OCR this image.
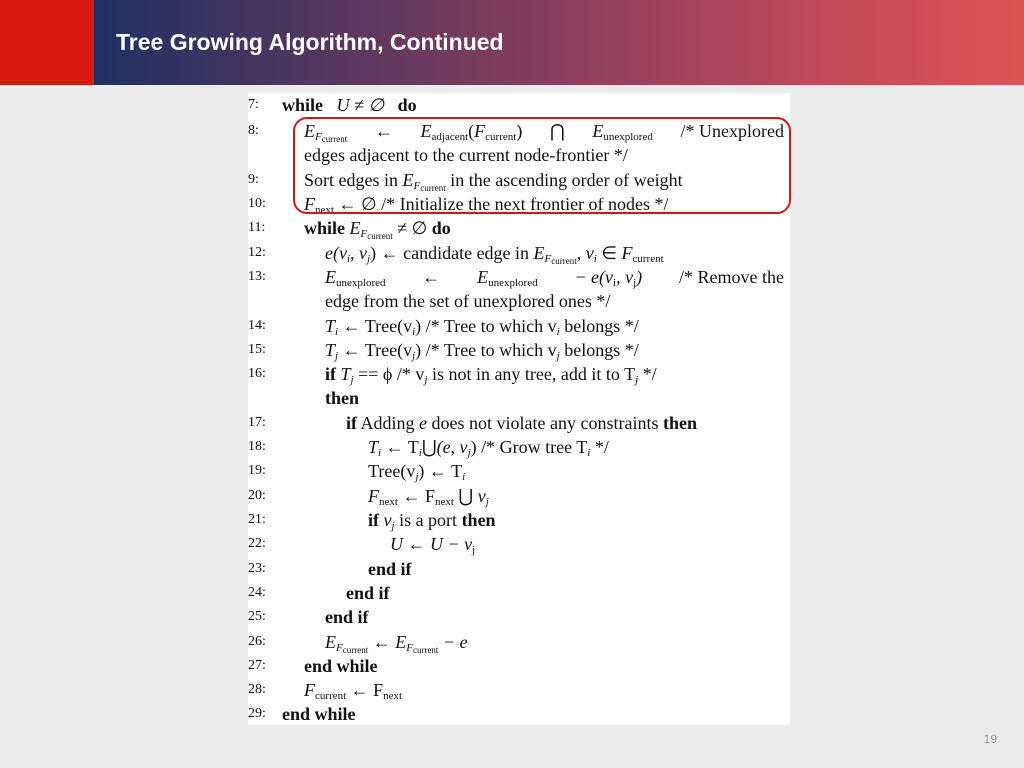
Tree Growing Algorithm, Continued
7:	while U ≠ ∅ do
8:	$E_{F_{current}}$ ← $E_{adjacent}(F_{current})$ ⋂ $E_{unexplored}$ /* Unexplored
edges adjacent to the current node-frontier */
9:	Sort edges in $E_{F_{current}}$ in the ascending order of weight
10:	$F_{next}$ ← ∅ /* Initialize the next frontier of nodes */
11:	while $E_{F_{current}}$ ≠ ∅ do
12:	$e(v_i$, $v_j$) ← candidate edge in $E_{F_{current}}$, $v_i$ ∈ $F_{current}$
13:	$E_{unexplored}$ ← $E_{unexplored} - e(v_i$, $v_j$) /* Remove the
edge from the set of unexplored ones */
14:	$T_i$ ← $Tree(v_i)$ /* Tree to which $v_i$ belongs */
15:	$T_j$ ← $Tree(v_j)$ /* Tree to which $v_j$ belongs */
16:	if $T_j == \phi /* v_j$ is not in any tree, add it to $T_j$ */
then
17:	if Adding e does not violate any constraints then
18:	$T_i$ ← $T_i⋃(e$, $v_j$) /* Grow tree $T_i$ */
19:	$Tree(v_j)$ ← $T_i$
20:	$F_{next}$ ← $F_{next}$ ⋃ $v_j$
21:	if $v_j$ is a port then
22:	U ← $U - v_j$
23:	end if
24:	end if
25:	end if
26:	$E_{F_{current}}$ ← $E_{F_{current}} - e$
27:	end while
28:	$F_{current}$ ← $F_{next}$
29: end while
19
